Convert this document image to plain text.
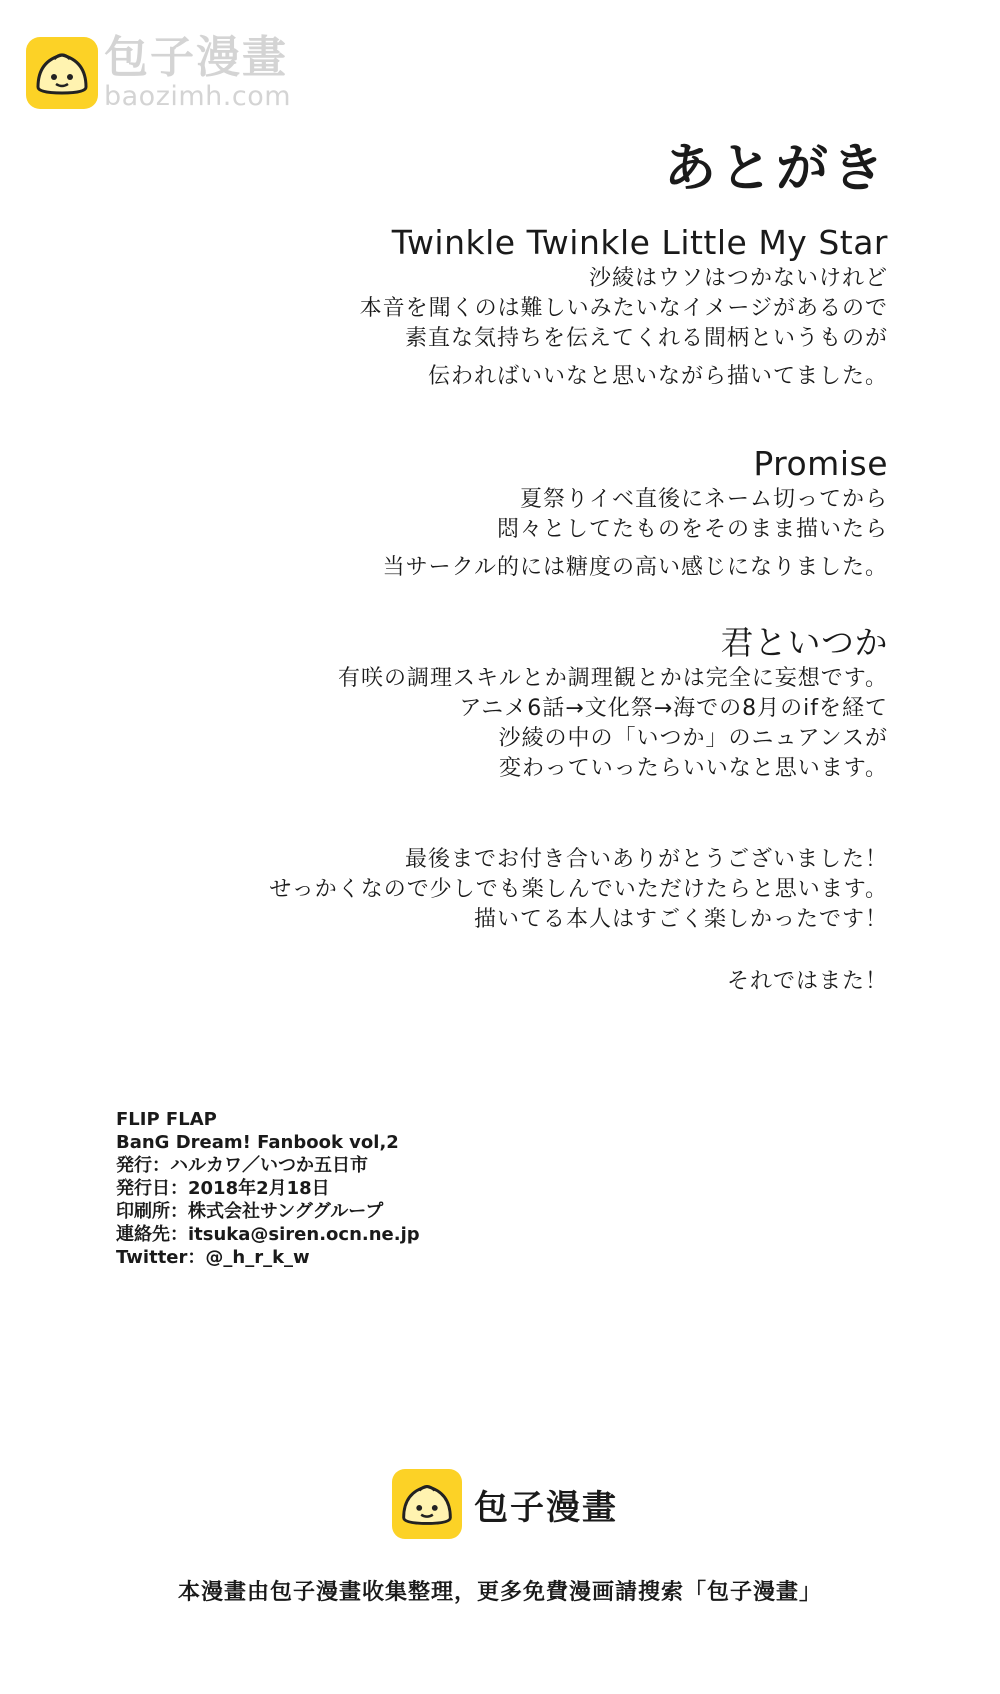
包子漫畫
baozimh.com
あとがき
Twinkle Twinkle Little My Star
沙綾はウソはつかないけれど
本音を聞くのは難しいみたいなイメージがあるので
素直な気持ちを伝えてくれる間柄というものが
伝わればいいなと思いながら描いてました。
Promise
夏祭りイベ直後にネーム切ってから
悶々としてたものをそのまま描いたら
当サークル的には糖度の高い感じになりました。
君といつか
有咲の調理スキルとか調理観とかは完全に妄想です。
アニメ6話→文化祭→海での8月のifを経て
沙綾の中の「いつか」のニュアンスが
変わっていったらいいなと思います。
最後までお付き合いありがとうございました！
せっかくなので少しでも楽しんでいただけたらと思います。
描いてる本人はすごく楽しかったです！
それではまた！
FLIP FLAP
BanG Dream! Fanbook vol,2
発行：ハルカワ／いつか五日市
発行日：2018年2月18日
印刷所：株式会社サンググループ
連絡先：itsuka@siren.ocn.ne.jp
Twitter：@_h_r_k_w
包子漫畫
本漫畫由包子漫畫收集整理，更多免費漫画請搜索「包子漫畫」
